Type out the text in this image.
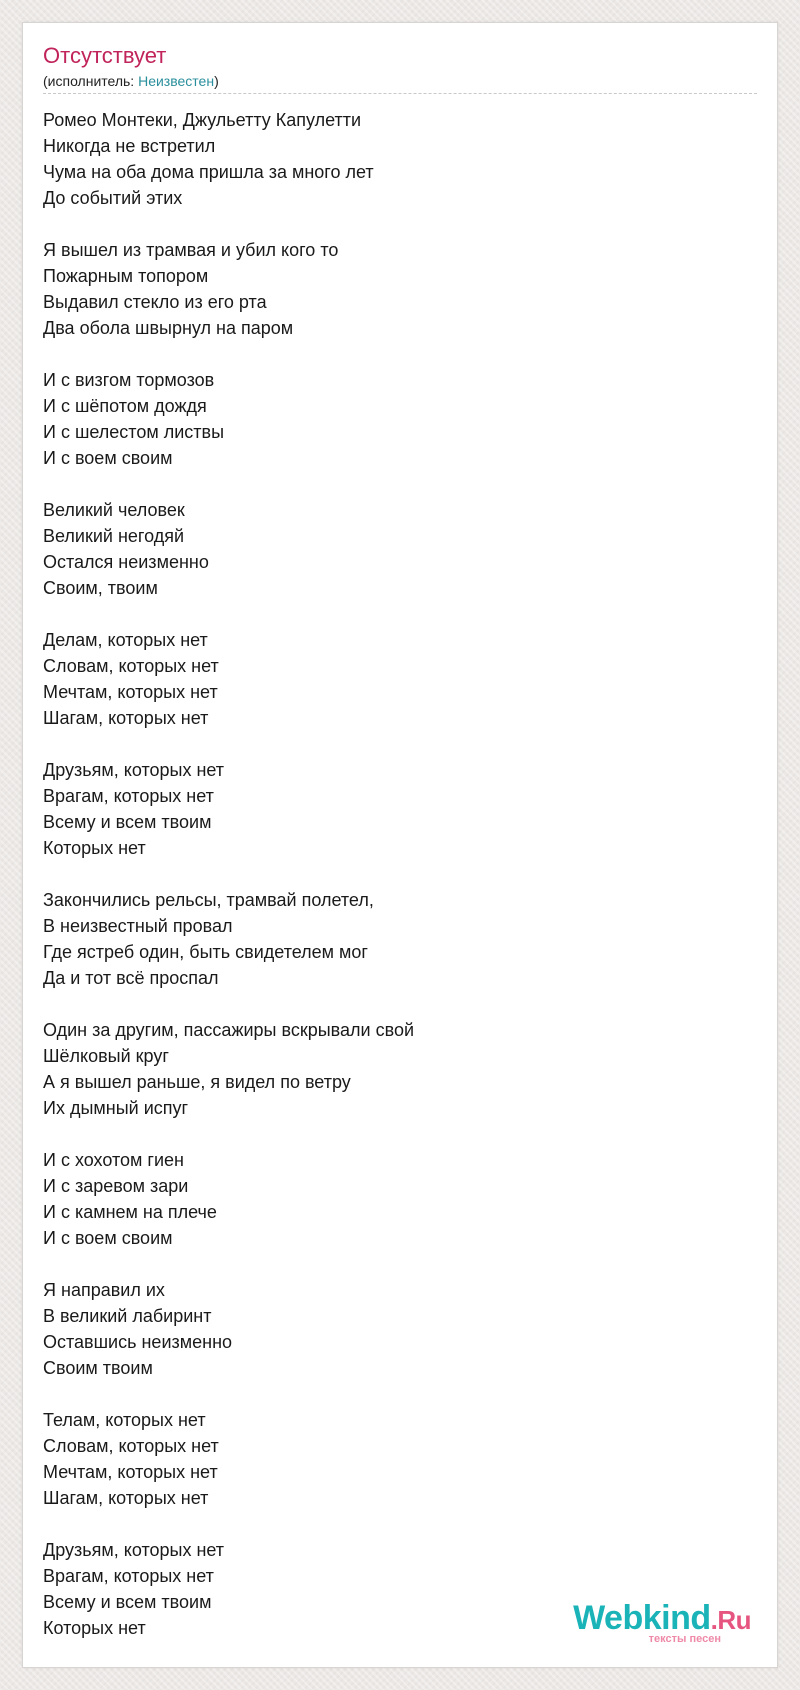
Отсутствует
(исполнитель: Неизвестен)
Ромео Монтеки, Джульетту Капулетти
Никогда не встретил
Чума на оба дома пришла за много лет
До событий этих
Я вышел из трамвая и убил кого то
Пожарным топором
Выдавил стекло из его рта
Два обола швырнул на паром
И с визгом тормозов
И с шёпотом дождя
И с шелестом листвы
И с воем своим
Великий человек
Великий негодяй
Остался неизменно
Своим, твоим
Делам, которых нет
Словам, которых нет
Мечтам, которых нет
Шагам, которых нет
Друзьям, которых нет
Врагам, которых нет
Всему и всем твоим
Которых нет
Закончились рельсы, трамвай полетел,
В неизвестный провал
Где ястреб один, быть свидетелем мог
Да и тот всё проспал
Один за другим, пассажиры вскрывали свой
Шёлковый круг
А я вышел раньше, я видел по ветру
Их дымный испуг
И с хохотом гиен
И с заревом зари
И с камнем на плече
И с воем своим
Я направил их
В великий лабиринт
Оставшись неизменно
Своим твоим
Телам, которых нет
Словам, которых нет
Мечтам, которых нет
Шагам, которых нет
Друзьям, которых нет
Врагам, которых нет
Всему и всем твоим
Которых нет	Webkind.Ru
тексты песен
